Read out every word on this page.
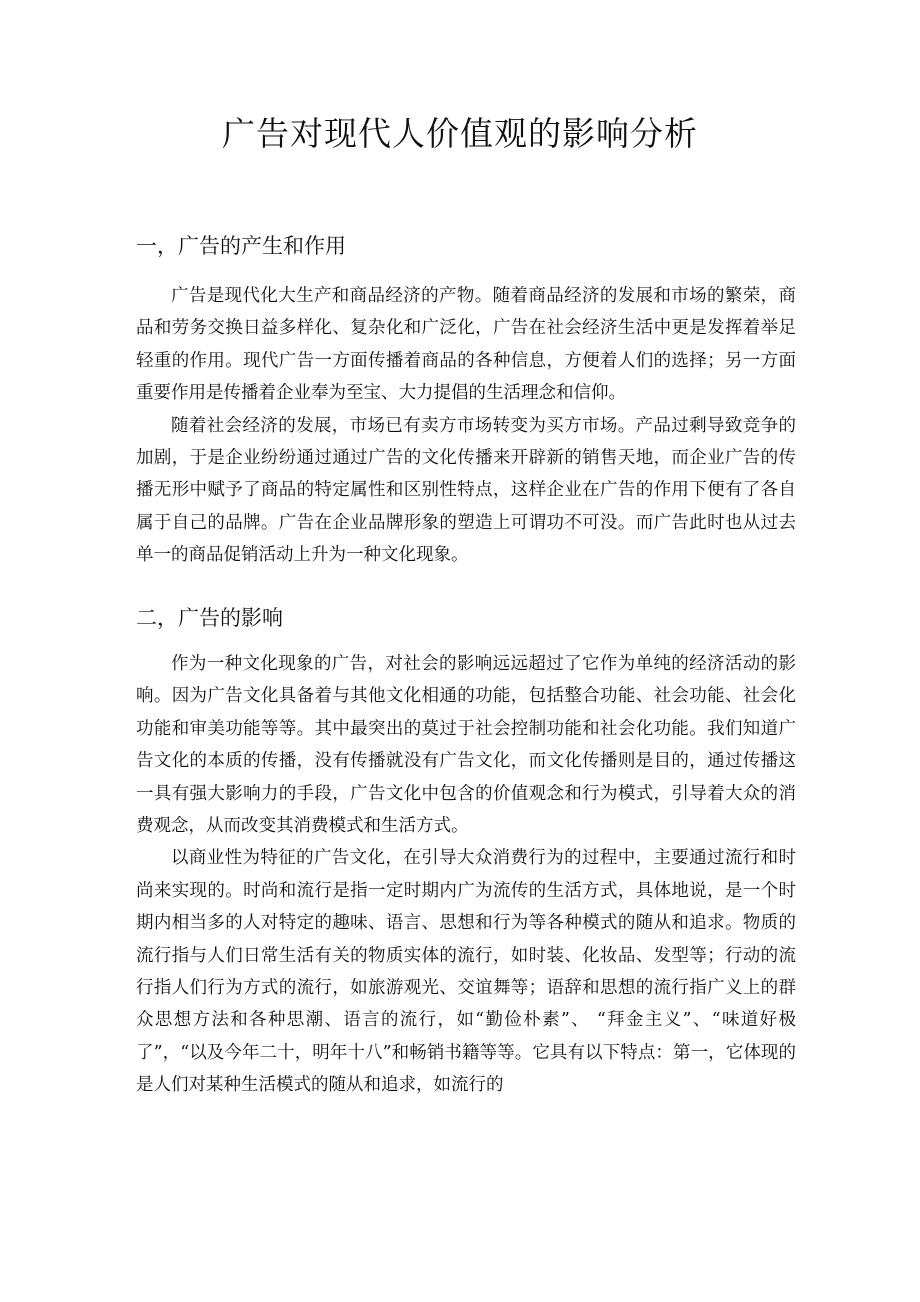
广告对现代人价值观的影响分析
一，广告的产生和作用
广告是现代化大生产和商品经济的产物。随着商品经济的发展和市场的繁荣，商品和劳务交换日益多样化、复杂化和广泛化，广告在社会经济生活中更是发挥着举足轻重的作用。现代广告一方面传播着商品的各种信息，方便着人们的选择；另一方面重要作用是传播着企业奉为至宝、大力提倡的生活理念和信仰。
随着社会经济的发展，市场已有卖方市场转变为买方市场。产品过剩导致竞争的加剧，于是企业纷纷通过通过广告的文化传播来开辟新的销售天地，而企业广告的传播无形中赋予了商品的特定属性和区别性特点，这样企业在广告的作用下便有了各自属于自己的品牌。广告在企业品牌形象的塑造上可谓功不可没。而广告此时也从过去单一的商品促销活动上升为一种文化现象。
二，广告的影响
作为一种文化现象的广告，对社会的影响远远超过了它作为单纯的经济活动的影响。因为广告文化具备着与其他文化相通的功能，包括整合功能、社会功能、社会化功能和审美功能等等。其中最突出的莫过于社会控制功能和社会化功能。我们知道广告文化的本质的传播，没有传播就没有广告文化，而文化传播则是目的，通过传播这一具有强大影响力的手段，广告文化中包含的价值观念和行为模式，引导着大众的消费观念，从而改变其消费模式和生活方式。
以商业性为特征的广告文化，在引导大众消费行为的过程中，主要通过流行和时尚来实现的。时尚和流行是指一定时期内广为流传的生活方式，具体地说，是一个时期内相当多的人对特定的趣味、语言、思想和行为等各种模式的随从和追求。物质的流行指与人们日常生活有关的物质实体的流行，如时装、化妆品、发型等；行动的流行指人们行为方式的流行，如旅游观光、交谊舞等；语辞和思想的流行指广义上的群众思想方法和各种思潮、语言的流行，如“勤俭朴素”、 “拜金主义”、“味道好极了”，“以及今年二十，明年十八”和畅销书籍等等。它具有以下特点：第一，它体现的是人们对某种生活模式的随从和追求，如流行的
